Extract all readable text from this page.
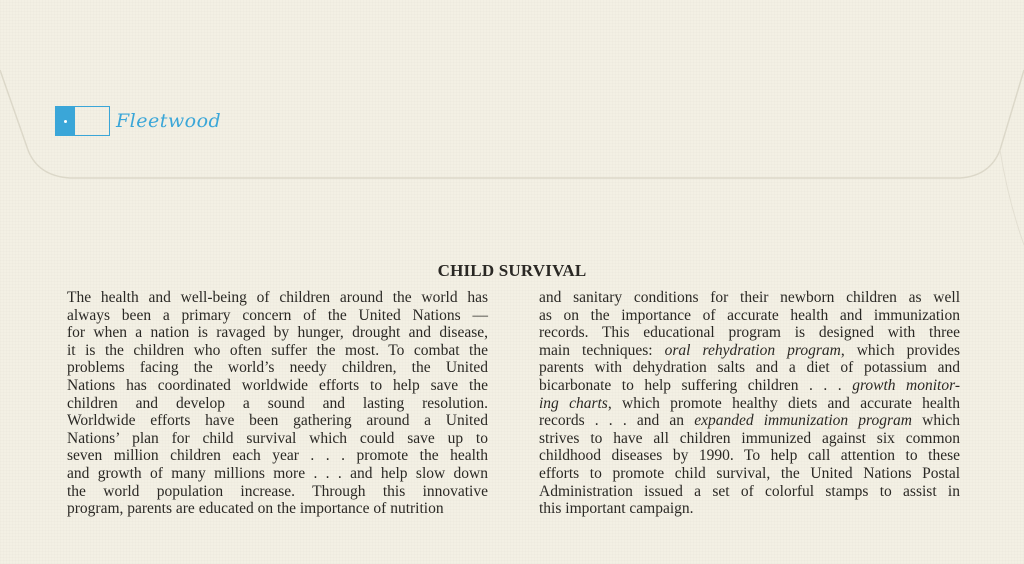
Fleetwood
CHILD SURVIVAL
The health and well-being of children around the world has
always been a primary concern of the United Nations —
for when a nation is ravaged by hunger, drought and disease,
it is the children who often suffer the most. To combat the
problems facing the world’s needy children, the United
Nations has coordinated worldwide efforts to help save the
children and develop a sound and lasting resolution.
Worldwide efforts have been gathering around a United
Nations’ plan for child survival which could save up to
seven million children each year . . . promote the health
and growth of many millions more . . . and help slow down
the world population increase. Through this innovative
program, parents are educated on the importance of nutrition
and sanitary conditions for their newborn children as well
as on the importance of accurate health and immunization
records. This educational program is designed with three
main techniques: oral rehydration program, which provides
parents with dehydration salts and a diet of potassium and
bicarbonate to help suffering children . . . growth monitor-
ing charts, which promote healthy diets and accurate health
records . . . and an expanded immunization program which
strives to have all children immunized against six common
childhood diseases by 1990. To help call attention to these
efforts to promote child survival, the United Nations Postal
Administration issued a set of colorful stamps to assist in
this important campaign.
